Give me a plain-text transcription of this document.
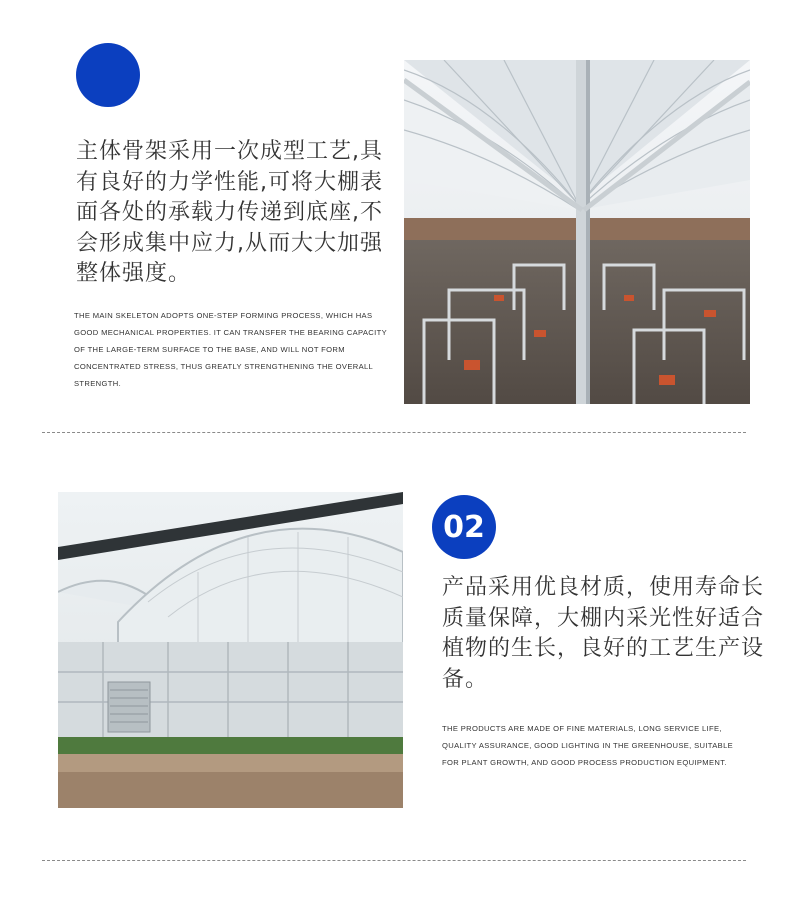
主体骨架采用一次成型工艺,具有良好的力学性能,可将大棚表面各处的承载力传递到底座,不会形成集中应力,从而大大加强整体强度。
THE MAIN SKELETON ADOPTS ONE-STEP FORMING PROCESS, WHICH HAS GOOD MECHANICAL PROPERTIES. IT CAN TRANSFER THE BEARING CAPACITY OF THE LARGE-TERM SURFACE TO THE BASE, AND WILL NOT FORM CONCENTRATED STRESS, THUS GREATLY STRENGTHENING THE OVERALL STRENGTH.
02
产品采用优良材质，使用寿命长质量保障，大棚内采光性好适合植物的生长，良好的工艺生产设备。
THE PRODUCTS ARE MADE OF FINE MATERIALS, LONG SERVICE LIFE, QUALITY ASSURANCE, GOOD LIGHTING IN THE GREENHOUSE, SUITABLE FOR PLANT GROWTH, AND GOOD PROCESS PRODUCTION EQUIPMENT.
